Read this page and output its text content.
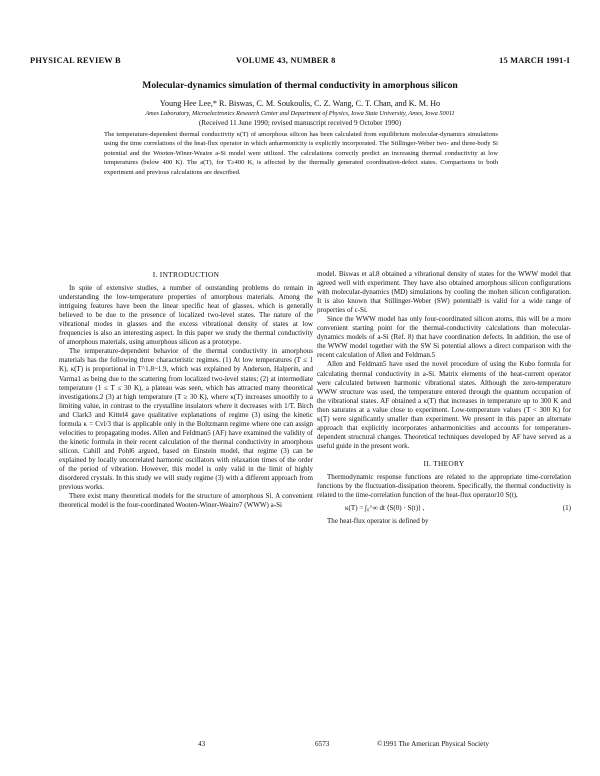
PHYSICAL REVIEW B	VOLUME 43, NUMBER 8	15 MARCH 1991-I
Molecular-dynamics simulation of thermal conductivity in amorphous silicon
Young Hee Lee,* R. Biswas, C. M. Soukoulis, C. Z. Wang, C. T. Chan, and K. M. Ho
Ames Laboratory, Microelectronics Research Center and Department of Physics, Iowa State University, Ames, Iowa 50011
(Received 11 June 1990; revised manuscript received 9 October 1990)
The temperature-dependent thermal conductivity κ(T) of amorphous silicon has been calculated from equilibrium molecular-dynamics simulations using the time correlations of the heat-flux operator in which anharmonicity is explicitly incorporated. The Stillinger-Weber two- and three-body Si potential and the Wooten-Winer-Weaire a-Si model were utilized. The calculations correctly predict an increasing thermal conductivity at low temperatures (below 400 K). The a(T), for T≥400 K, is affected by the thermally generated coordination-defect states. Comparisons to both experiment and previous calculations are described.

I. INTRODUCTION

In spite of extensive studies, a number of outstanding problems do remain in understanding the low-temperature properties of amorphous materials. Among the intriguing features have been the linear specific heat of glasses, which is generally believed to be due to the presence of localized two-level states. The nature of the vibrational modes in glasses and the excess vibrational density of states at low frequencies is also an interesting aspect. In this paper we study the thermal conductivity of amorphous materials, using amorphous silicon as a prototype.

The temperature-dependent behavior of the thermal conductivity in amorphous materials has the following three characteristic regimes. (1) At low temperatures (T ≤ 1 K), κ(T) is proportional in T^1.8~1.9, which was explained by Anderson, Halperin, and Varma1 as being due to the scattering from localized two-level states; (2) at intermediate temperature (1 ≤ T ≤ 30 K), a plateau was seen, which has attracted many theoretical investigations.2 (3) at high temperature (T ≥ 30 K), where κ(T) increases smoothly to a limiting value, in contrast to the crystalline insulators where it decreases with 1/T. Birch and Clark3 and Kittel4 gave qualitative explanations of regime (3) using the kinetic formula κ = Cvl/3 that is applicable only in the Boltzmann regime where one can assign velocities to propagating modes. Allen and Feldman5 (AF) have examined the validity of the kinetic formula in their recent calculation of the thermal conductivity in amorphous silicon. Cahill and Pohl6 argued, based on Einstein model, that regime (3) can be explained by locally uncorrelated harmonic oscillators with relaxation times of the order of the period of vibration. However, this model is only valid in the limit of highly disordered crystals. In this study we will study regime (3) with a different approach from previous works.

There exist many theoretical models for the structure of amorphous Si. A convenient theoretical model is the four-coordinated Wooten-Winer-Weaire7 (WWW) a-Si

model. Biswas et al.8 obtained a vibrational density of states for the WWW model that agreed well with experiment. They have also obtained amorphous silicon configurations with molecular-dynamics (MD) simulations by cooling the molten silicon configuration. It is also known that Stillinger-Weber (SW) potential9 is valid for a wide range of properties of c-Si.

Since the WWW model has only four-coordinated silicon atoms, this will be a more convenient starting point for the thermal-conductivity calculations than molecular-dynamics models of a-Si (Ref. 8) that have coordination defects. In addition, the use of the WWW model together with the SW Si potential allows a direct comparison with the recent calculation of Allen and Feldman.5

Allen and Feldman5 have used the novel procedure of using the Kubo formula for calculating thermal conductivity in a-Si. Matrix elements of the heat-current operator were calculated between harmonic vibrational states. Although the zero-temperature WWW structure was used, the temperature entered through the quantum occupation of the vibrational states. AF obtained a κ(T) that increases in temperature up to 300 K and then saturates at a value close to experiment. Low-temperature values (T < 300 K) for κ(T) were significantly smaller than experiment. We present in this paper an alternate approach that explicitly incorporates anharmonicities and accounts for temperature-dependent structural changes. Theoretical techniques developed by AF have served as a useful guide in the present work.

II. THEORY

Thermodynamic response functions are related to the appropriate time-correlation functions by the fluctuation-dissipation theorem. Specifically, the thermal conductivity is related to the time-correlation function of the heat-flux operator10 S(t),

κ(T) = ∫₀^∞ dt ⟨S(0) · S(t)⟩ ,	(1)

The heat-flux operator is defined by

43	6573	©1991 The American Physical Society
